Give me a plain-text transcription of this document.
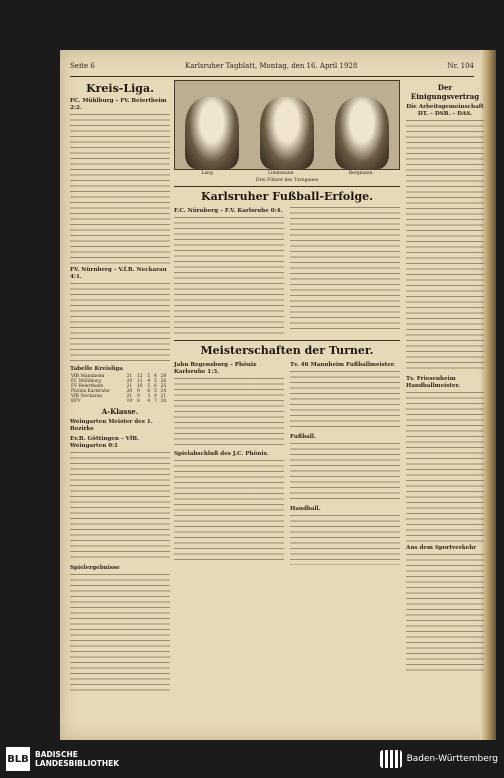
Seite 6	Karlsruher Tagblatt, Montag, den 16. April 1928	Nr. 104
Kreis-Liga.
FC. Mühlburg – FV. Beiertheim 2:2.
FV. Nürnberg – V.f.B. Neckarau 4:1.
Tabelle Kreisliga
VfR Mannheim	21	12	5	4	29
FC Mühlburg	20	11	4	5	26
FV Beiertheim	21	10	5	6	25
Phönix Karlsruhe	20	9	6	5	24
VfB Neckarau	21	9	3	9	21
KFV	19	8	4	7	20
A-Klasse.
Weingarten Meister des 1. Bezirks
Ev.B. Göttingen – VfB. Weingarten 0:1
Spielergebnisse
Lang	Lindemann	Bergmann
Drei Führer des Turngaues
Karlsruher Fußball-Erfolge.
F.C. Nürnberg – F.V. Karlsruhe 0:4.
Meisterschaften der Turner.
Jahn Regensburg – Phönix Karlsruhe 1:3.
Spielabschluß des J.C. Phönix.
Tv. 46 Mannheim Fußballmeister.
Fußball.
Handball.
Der Einigungsvertrag
Die Arbeitsgemeinschaft DT. – DSB. – DAS.
Tv. Friesenheim Handballmeister.
Aus dem Sportverkehr
BLB BADISCHE
LANDESBIBLIOTHEK	Baden-Württemberg
